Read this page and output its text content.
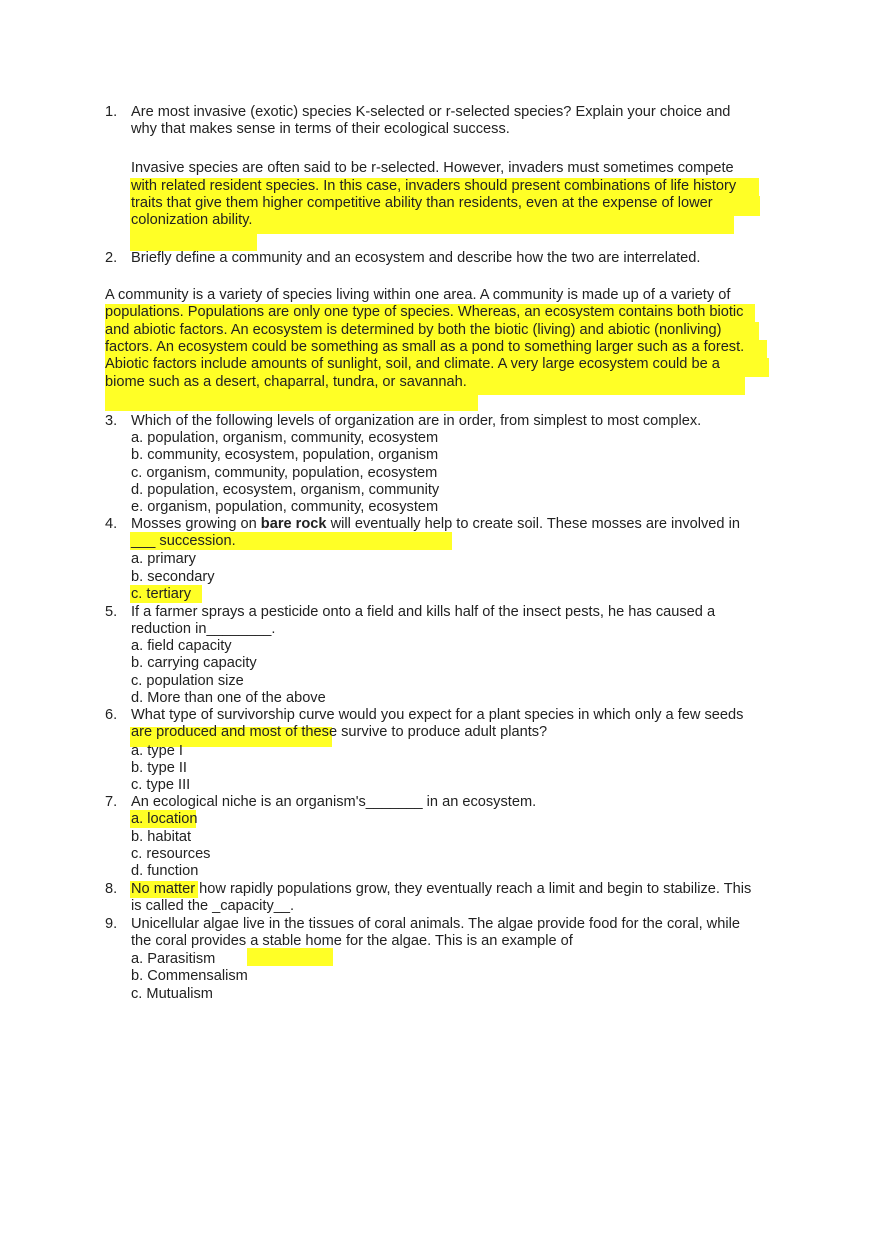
1. Are most invasive (exotic) species K-selected or r-selected species? Explain your choice and
why that makes sense in terms of their ecological success.
Invasive species are often said to be r-selected. However, invaders must sometimes compete
with related resident species. In this case, invaders should present combinations of life history
traits that give them higher competitive ability than residents, even at the expense of lower
colonization ability.
2. Briefly define a community and an ecosystem and describe how the two are interrelated.
A community is a variety of species living within one area. A community is made up of a variety of
populations. Populations are only one type of species. Whereas, an ecosystem contains both biotic
and abiotic factors. An ecosystem is determined by both the biotic (living) and abiotic (nonliving)
factors. An ecosystem could be something as small as a pond to something larger such as a forest.
Abiotic factors include amounts of sunlight, soil, and climate. A very large ecosystem could be a
biome such as a desert, chaparral, tundra, or savannah.
3. Which of the following levels of organization are in order, from simplest to most complex.
a. population, organism, community, ecosystem
b. community, ecosystem, population, organism
c. organism, community, population, ecosystem
d. population, ecosystem, organism, community
e. organism, population, community, ecosystem
4. Mosses growing on bare rock will eventually help to create soil. These mosses are involved in
___ succession.
a. primary
b. secondary
c. tertiary
5. If a farmer sprays a pesticide onto a field and kills half of the insect pests, he has caused a
reduction in________.
a. field capacity
b. carrying capacity
c. population size
d. More than one of the above
6. What type of survivorship curve would you expect for a plant species in which only a few seeds
are produced and most of these survive to produce adult plants?
a. type I
b. type II
c. type III
7. An ecological niche is an organism's_______ in an ecosystem.
a. location
b. habitat
c. resources
d. function
8. No matter how rapidly populations grow, they eventually reach a limit and begin to stabilize. This
is called the _capacity__.
9. Unicellular algae live in the tissues of coral animals. The algae provide food for the coral, while
the coral provides a stable home for the algae. This is an example of
a. Parasitism
b. Commensalism
c. Mutualism
